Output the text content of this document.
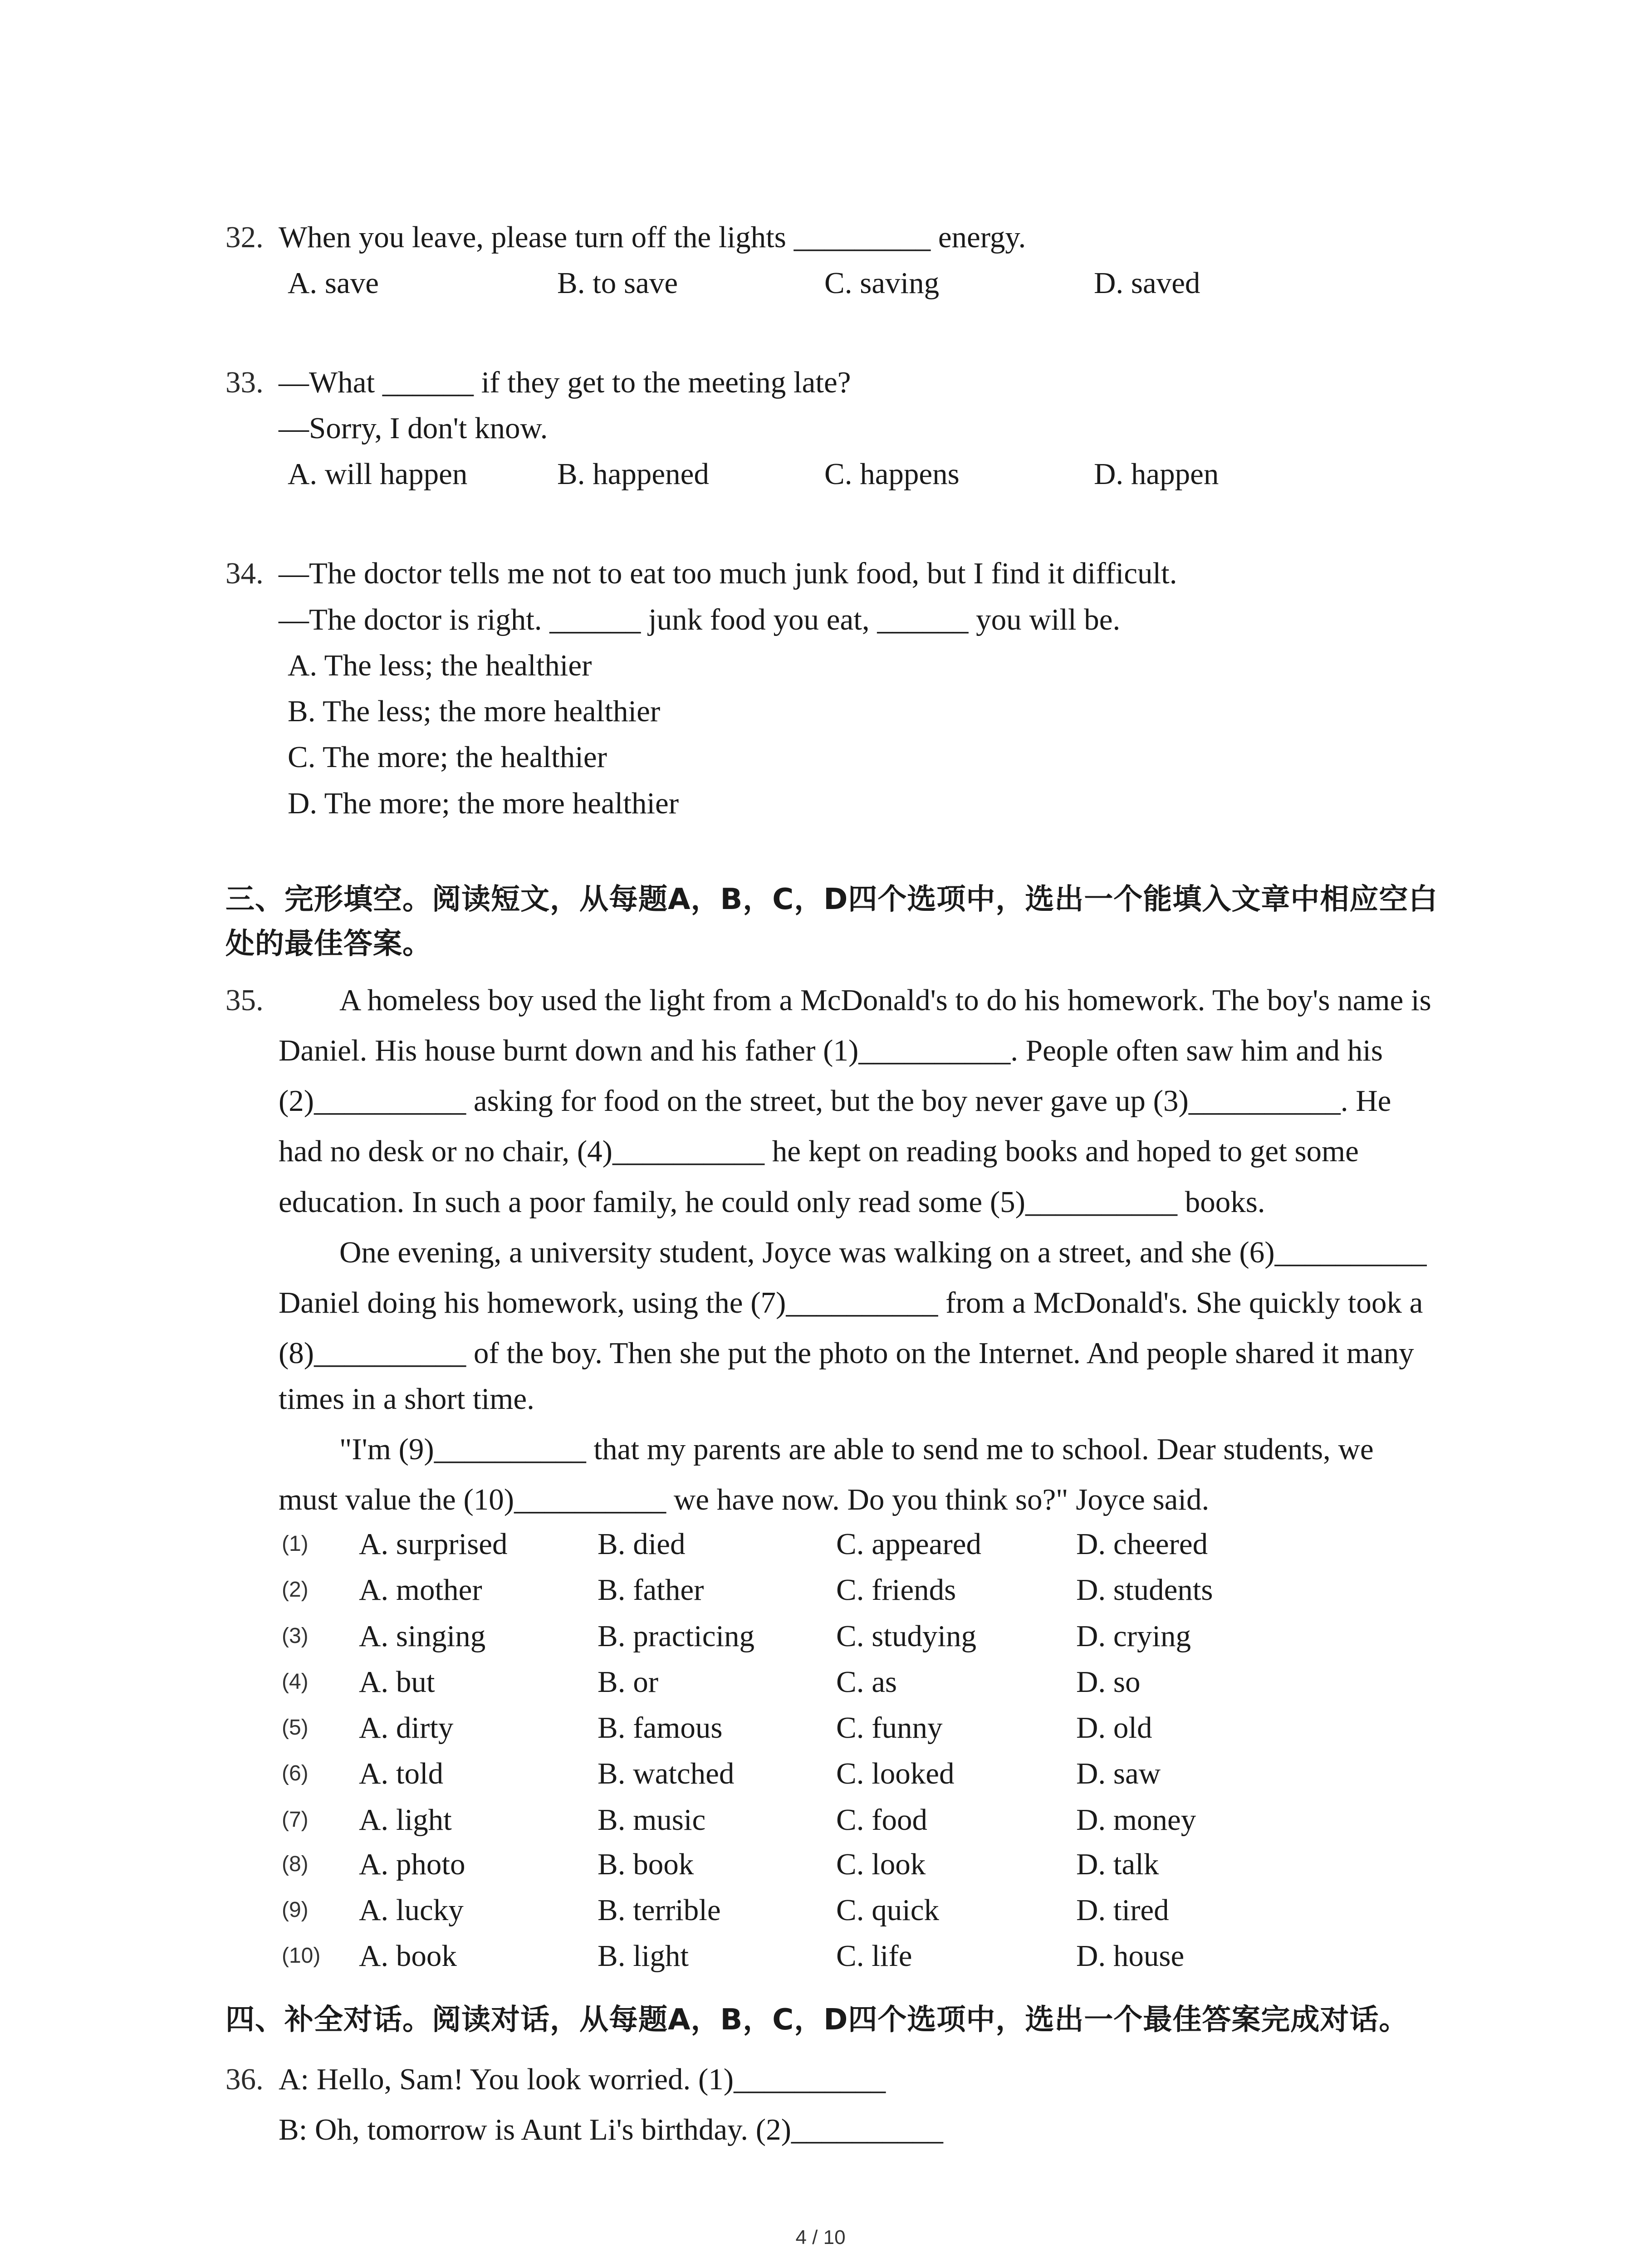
32. When you leave, please turn off the lights _________ energy.
A. save	B. to save	C. saving	D. saved
33. —What ______ if they get to the meeting late?
—Sorry, I don't know.
A. will happen	B. happened	C. happens	D. happen
34. —The doctor tells me not to eat too much junk food, but I find it difficult.
—The doctor is right. ______ junk food you eat, ______ you will be.
A. The less; the healthier
B. The less; the more healthier
C. The more; the healthier
D. The more; the more healthier
三、完形填空。阅读短文，从每题A，B，C，D四个选项中，选出一个能填入文章中相应空白
处的最佳答案。
35. A homeless boy used the light from a McDonald's to do his homework. The boy's name is
Daniel. His house burnt down and his father (1)__________. People often saw him and his
(2)__________ asking for food on the street, but the boy never gave up (3)__________. He
had no desk or no chair, (4)__________ he kept on reading books and hoped to get some
education. In such a poor family, he could only read some (5)__________ books.
One evening, a university student, Joyce was walking on a street, and she (6)__________
Daniel doing his homework, using the (7)__________ from a McDonald's. She quickly took a
(8)__________ of the boy. Then she put the photo on the Internet. And people shared it many
times in a short time.
"I'm (9)__________ that my parents are able to send me to school. Dear students, we
must value the (10)__________ we have now. Do you think so?" Joyce said.
(1) A. surprised	B. died	C. appeared	D. cheered
(2) A. mother	B. father	C. friends	D. students
(3) A. singing	B. practicing	C. studying	D. crying
(4) A. but	B. or	C. as	D. so
(5) A. dirty	B. famous	C. funny	D. old
(6) A. told	B. watched	C. looked	D. saw
(7) A. light	B. music	C. food	D. money
(8) A. photo	B. book	C. look	D. talk
(9) A. lucky	B. terrible	C. quick	D. tired
(10) A. book	B. light	C. life	D. house
四、补全对话。阅读对话，从每题A，B，C，D四个选项中，选出一个最佳答案完成对话。
36. A: Hello, Sam! You look worried. (1)__________
B: Oh, tomorrow is Aunt Li's birthday. (2)__________
4 / 10
